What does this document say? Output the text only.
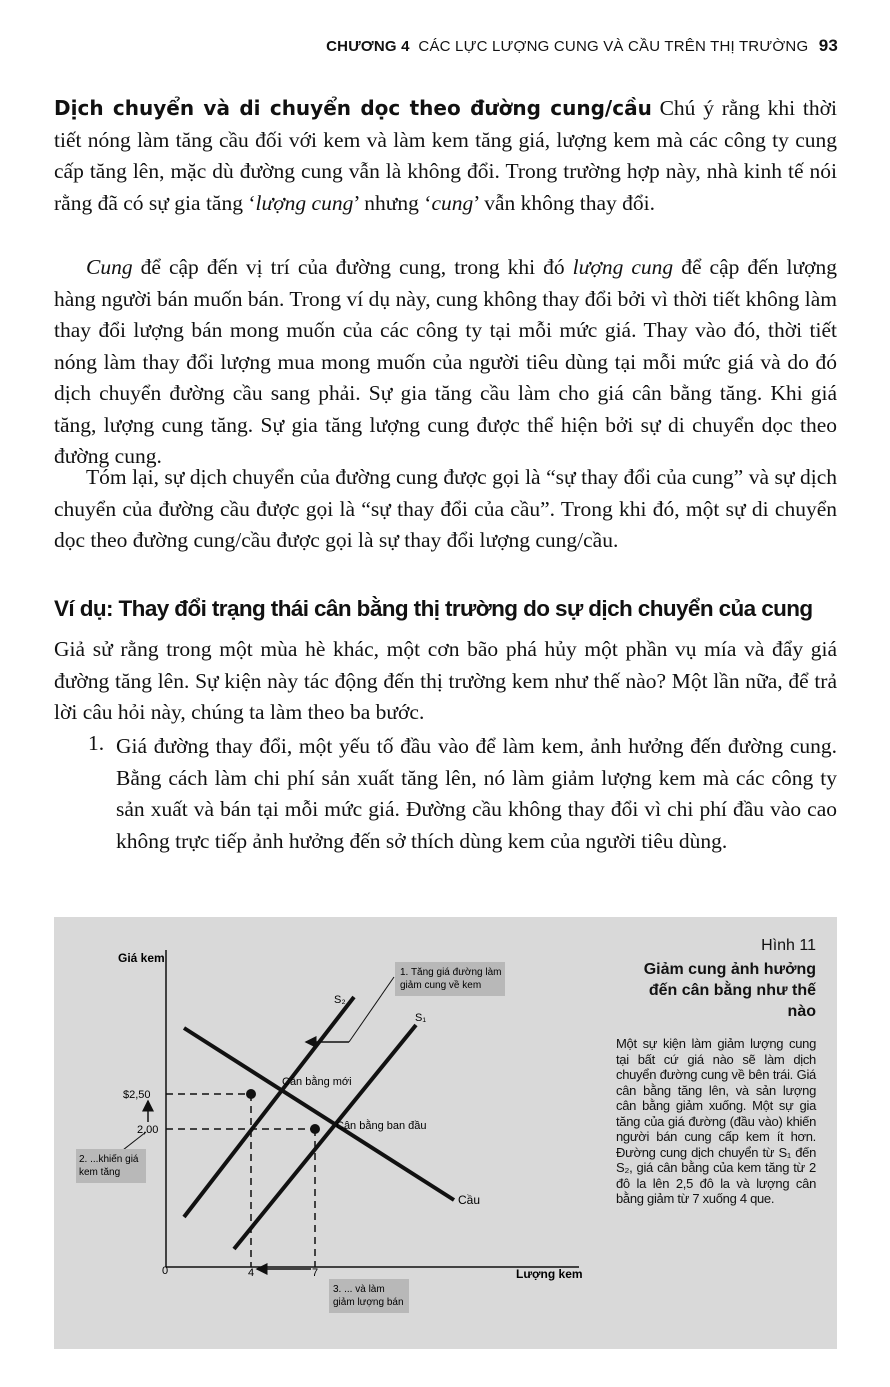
CHƯƠNG 4 CÁC LỰC LƯỢNG CUNG VÀ CẦU TRÊN THỊ TRƯỜNG 93

Dịch chuyển và di chuyển dọc theo đường cung/cầu Chú ý rằng khi thời tiết nóng làm tăng cầu đối với kem và làm kem tăng giá, lượng kem mà các công ty cung cấp tăng lên, mặc dù đường cung vẫn là không đổi. Trong trường hợp này, nhà kinh tế nói rằng đã có sự gia tăng ‘lượng cung’ nhưng ‘cung’ vẫn không thay đổi.

Cung để cập đến vị trí của đường cung, trong khi đó lượng cung để cập đến lượng hàng người bán muốn bán. Trong ví dụ này, cung không thay đổi bởi vì thời tiết không làm thay đổi lượng bán mong muốn của các công ty tại mỗi mức giá. Thay vào đó, thời tiết nóng làm thay đổi lượng mua mong muốn của người tiêu dùng tại mỗi mức giá và do đó dịch chuyển đường cầu sang phải. Sự gia tăng cầu làm cho giá cân bằng tăng. Khi giá tăng, lượng cung tăng. Sự gia tăng lượng cung được thể hiện bởi sự di chuyển dọc theo đường cung.

Tóm lại, sự dịch chuyển của đường cung được gọi là “sự thay đổi của cung” và sự dịch chuyển của đường cầu được gọi là “sự thay đổi của cầu”. Trong khi đó, một sự di chuyển dọc theo đường cung/cầu được gọi là sự thay đổi lượng cung/cầu.

Ví dụ: Thay đổi trạng thái cân bằng thị trường do sự dịch chuyển của cung

Giả sử rằng trong một mùa hè khác, một cơn bão phá hủy một phần vụ mía và đẩy giá đường tăng lên. Sự kiện này tác động đến thị trường kem như thế nào? Một lần nữa, để trả lời câu hỏi này, chúng ta làm theo ba bước.

1. Giá đường thay đổi, một yếu tố đầu vào để làm kem, ảnh hưởng đến đường cung. Bằng cách làm chi phí sản xuất tăng lên, nó làm giảm lượng kem mà các công ty sản xuất và bán tại mỗi mức giá. Đường cầu không thay đổi vì chi phí đầu vào cao không trực tiếp ảnh hưởng đến sở thích dùng kem của người tiêu dùng.
Giá kem
Lượng kem
0
S₂
S₁
Cầu
Cân bằng mới
Cân bằng ban đầu
$2,50
2,00
4	7
1. Tăng giá đường làm
giảm cung về kem
2. ...khiến giá
kem tăng
3. ... và làm
giảm lượng bán
Hình 11
Giảm cung ảnh hưởng đến cân bằng như thế nào
Một sự kiện làm giảm lượng cung tại bất cứ giá nào sẽ làm dịch chuyển đường cung về bên trái. Giá cân bằng tăng lên, và sản lượng cân bằng giảm xuống. Một sự gia tăng của giá đường (đầu vào) khiến người bán cung cấp kem ít hơn. Đường cung dịch chuyển từ S₁ đến S₂, giá cân bằng của kem tăng từ 2 đô la lên 2,5 đô la và lượng cân bằng giảm từ 7 xuống 4 que.
